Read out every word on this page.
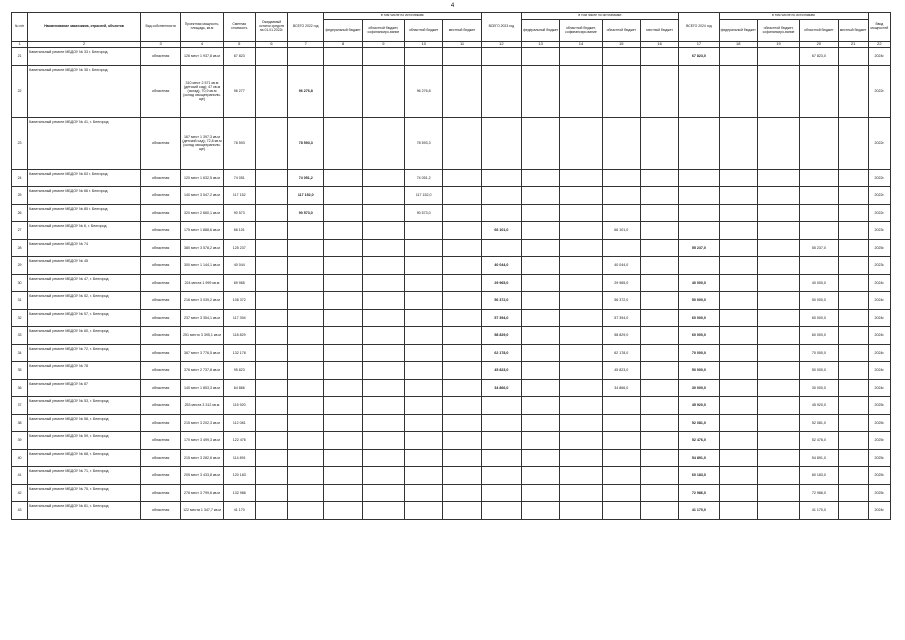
4
№ п/п	Наименование заказчиков, отраслей, объектов	Вид собственности	Проектная мощность, площадь, кв.м	Сметная стоимость	Ожидаемый остаток средств на 01.01.2022г.	ВСЕГО 2022 год	в том числе по источникам:				ВСЕГО 2023 год	в том числе по источникам:				ВСЕГО 2024 год	в том числе по источникам:				Ввод мощностей
							федеральный бюджет	областной бюджет, софинансиро-вание	областной бюджет	местный бюджет		федеральный бюджет	областной бюджет, софинансиро-вание	областной бюджет	местный бюджет		федеральный бюджет	областной бюджет, софинансиро-вание	областной бюджет	местный бюджет	
1	2	3	4	5	6	7	8	9	10	11	12	13	14	15	16	17	18	19	20	21	22
21	Капитальный ремонт МБДОУ № 33 г. Белгород	областная	126 мест 1 937,8 кв.м	67 823												67 823,0			67 823,0		2024г.
22	Капитальный ремонт МБДОУ № 35 г. Белгород	областная	310 мест 2 571 кв.м (детский сад); 47 кв.м (склад); 70,9 кв.м (склад овощехранили-ще)	96 277		96 276,8			96 276,8												2022г.
23	Капитальный ремонт МБДОУ № 41, г. Белгород	областная	167 мест 1 397,3 кв.м (детский сад); 72,8 кв.м (склад овощехранили-ще)	78 593		78 593,3			78 593,3												2022г.
24	Капитальный ремонт МБДОУ № 63 г. Белгород	областная	120 мест 1 632,5 кв.м	74 051		74 051,2			74 051,2												2022г.
25	Капитальный ремонт МБДОУ № 66 г. Белгород	областная	140 мест 3 547,2 кв.м	117 152		117 152,0			117 152,0												2022г.
26	Капитальный ремонт МБДОУ № 85 г. Белгород	областная	320 мест 2 660,1 кв.м	90 573		90 573,0			90 573,0												2022г.
27	Капитальный ремонт МБДОУ № 6, г. Белгород	областная	175 мест 1 888,6 кв.м	66 101							66 101,0			66 101,0							2023г.
28	Капитальный ремонт МБДОУ № 74	областная	380 мест 3 578,2 кв.м	125 237												55 237,0			55 237,0		2025г.
29	Капитальный ремонт МБДОУ № 45	областная	300 мест 1 144,1 кв.м	40 044							40 044,0			40 044,0							2023г.
30	Капитальный ремонт МБДОУ № 47, г. Белгород	областная	224 места 1 999 кв.м	69 965							29 965,0			29 965,0		40 000,0			40 000,0		2024г.
31	Капитальный ремонт МБДОУ № 52, г. Белгород	областная	216 мест 3 039,2 кв.м	106 372							56 372,0			56 372,0		50 000,0			50 000,0		2024г.
32	Капитальный ремонт МБДОУ № 57, г. Белгород	областная	237 мест 3 354,1 кв.м	117 394							57 394,0			57 394,0		60 000,0			60 000,0		2024г.
33	Капитальный ремонт МБДОУ № 60, г. Белгород	областная	251 место 3 395,1 кв.м	118 829							58 829,0			58 829,0		60 000,0			60 000,0		2024г.
34	Капитальный ремонт МБДОУ № 72, г. Белгород	областная	367 мест 3 776,5 кв.м	132 178							62 178,0			62 178,0		70 000,0			70 000,0		2024г.
35	Капитальный ремонт МБДОУ № 78	областная	376 мест 2 737,8 кв.м	95 823							45 823,0			45 823,0		50 000,0			50 000,0		2024г.
36	Капитальный ремонт МБДОУ № 87	областная	140 мест 1 853,3 кв.м	64 866							34 866,0			34 866,0		30 000,0			30 000,0		2024г.
37	Капитальный ремонт МБДОУ № 53, г. Белгород	областная	253 места 3 312 кв.м	115 920												45 920,0			45 920,0		2025г.
38	Капитальный ремонт МБДОУ № 58, г. Белгород	областная	215 мест 3 202,3 кв.м	112 081												52 081,0			52 081,0		2025г.
39	Капитальный ремонт МБДОУ № 59, г. Белгород	областная	170 мест 3 499,3 кв.м	122 476												52 476,0			52 476,0		2025г.
40	Капитальный ремонт МБДОУ № 68, г. Белгород	областная	215 мест 3 282,6 кв.м	114 891												54 891,0			54 891,0		2025г.
41	Капитальный ремонт МБДОУ № 71, г. Белгород	областная	205 мест 3 433,8 кв.м	120 183												60 183,0			60 183,0		2025г.
42	Капитальный ремонт МБДОУ № 75, г. Белгород	областная	278 мест 3 799,6 кв.м	132 986												72 986,0			72 986,0		2025г.
43	Капитальный ремонт МБДОУ № 81, г. Белгород	областная	122 места 1 347,7 кв.м	41 170												41 170,0			41 170,0		2024г.
